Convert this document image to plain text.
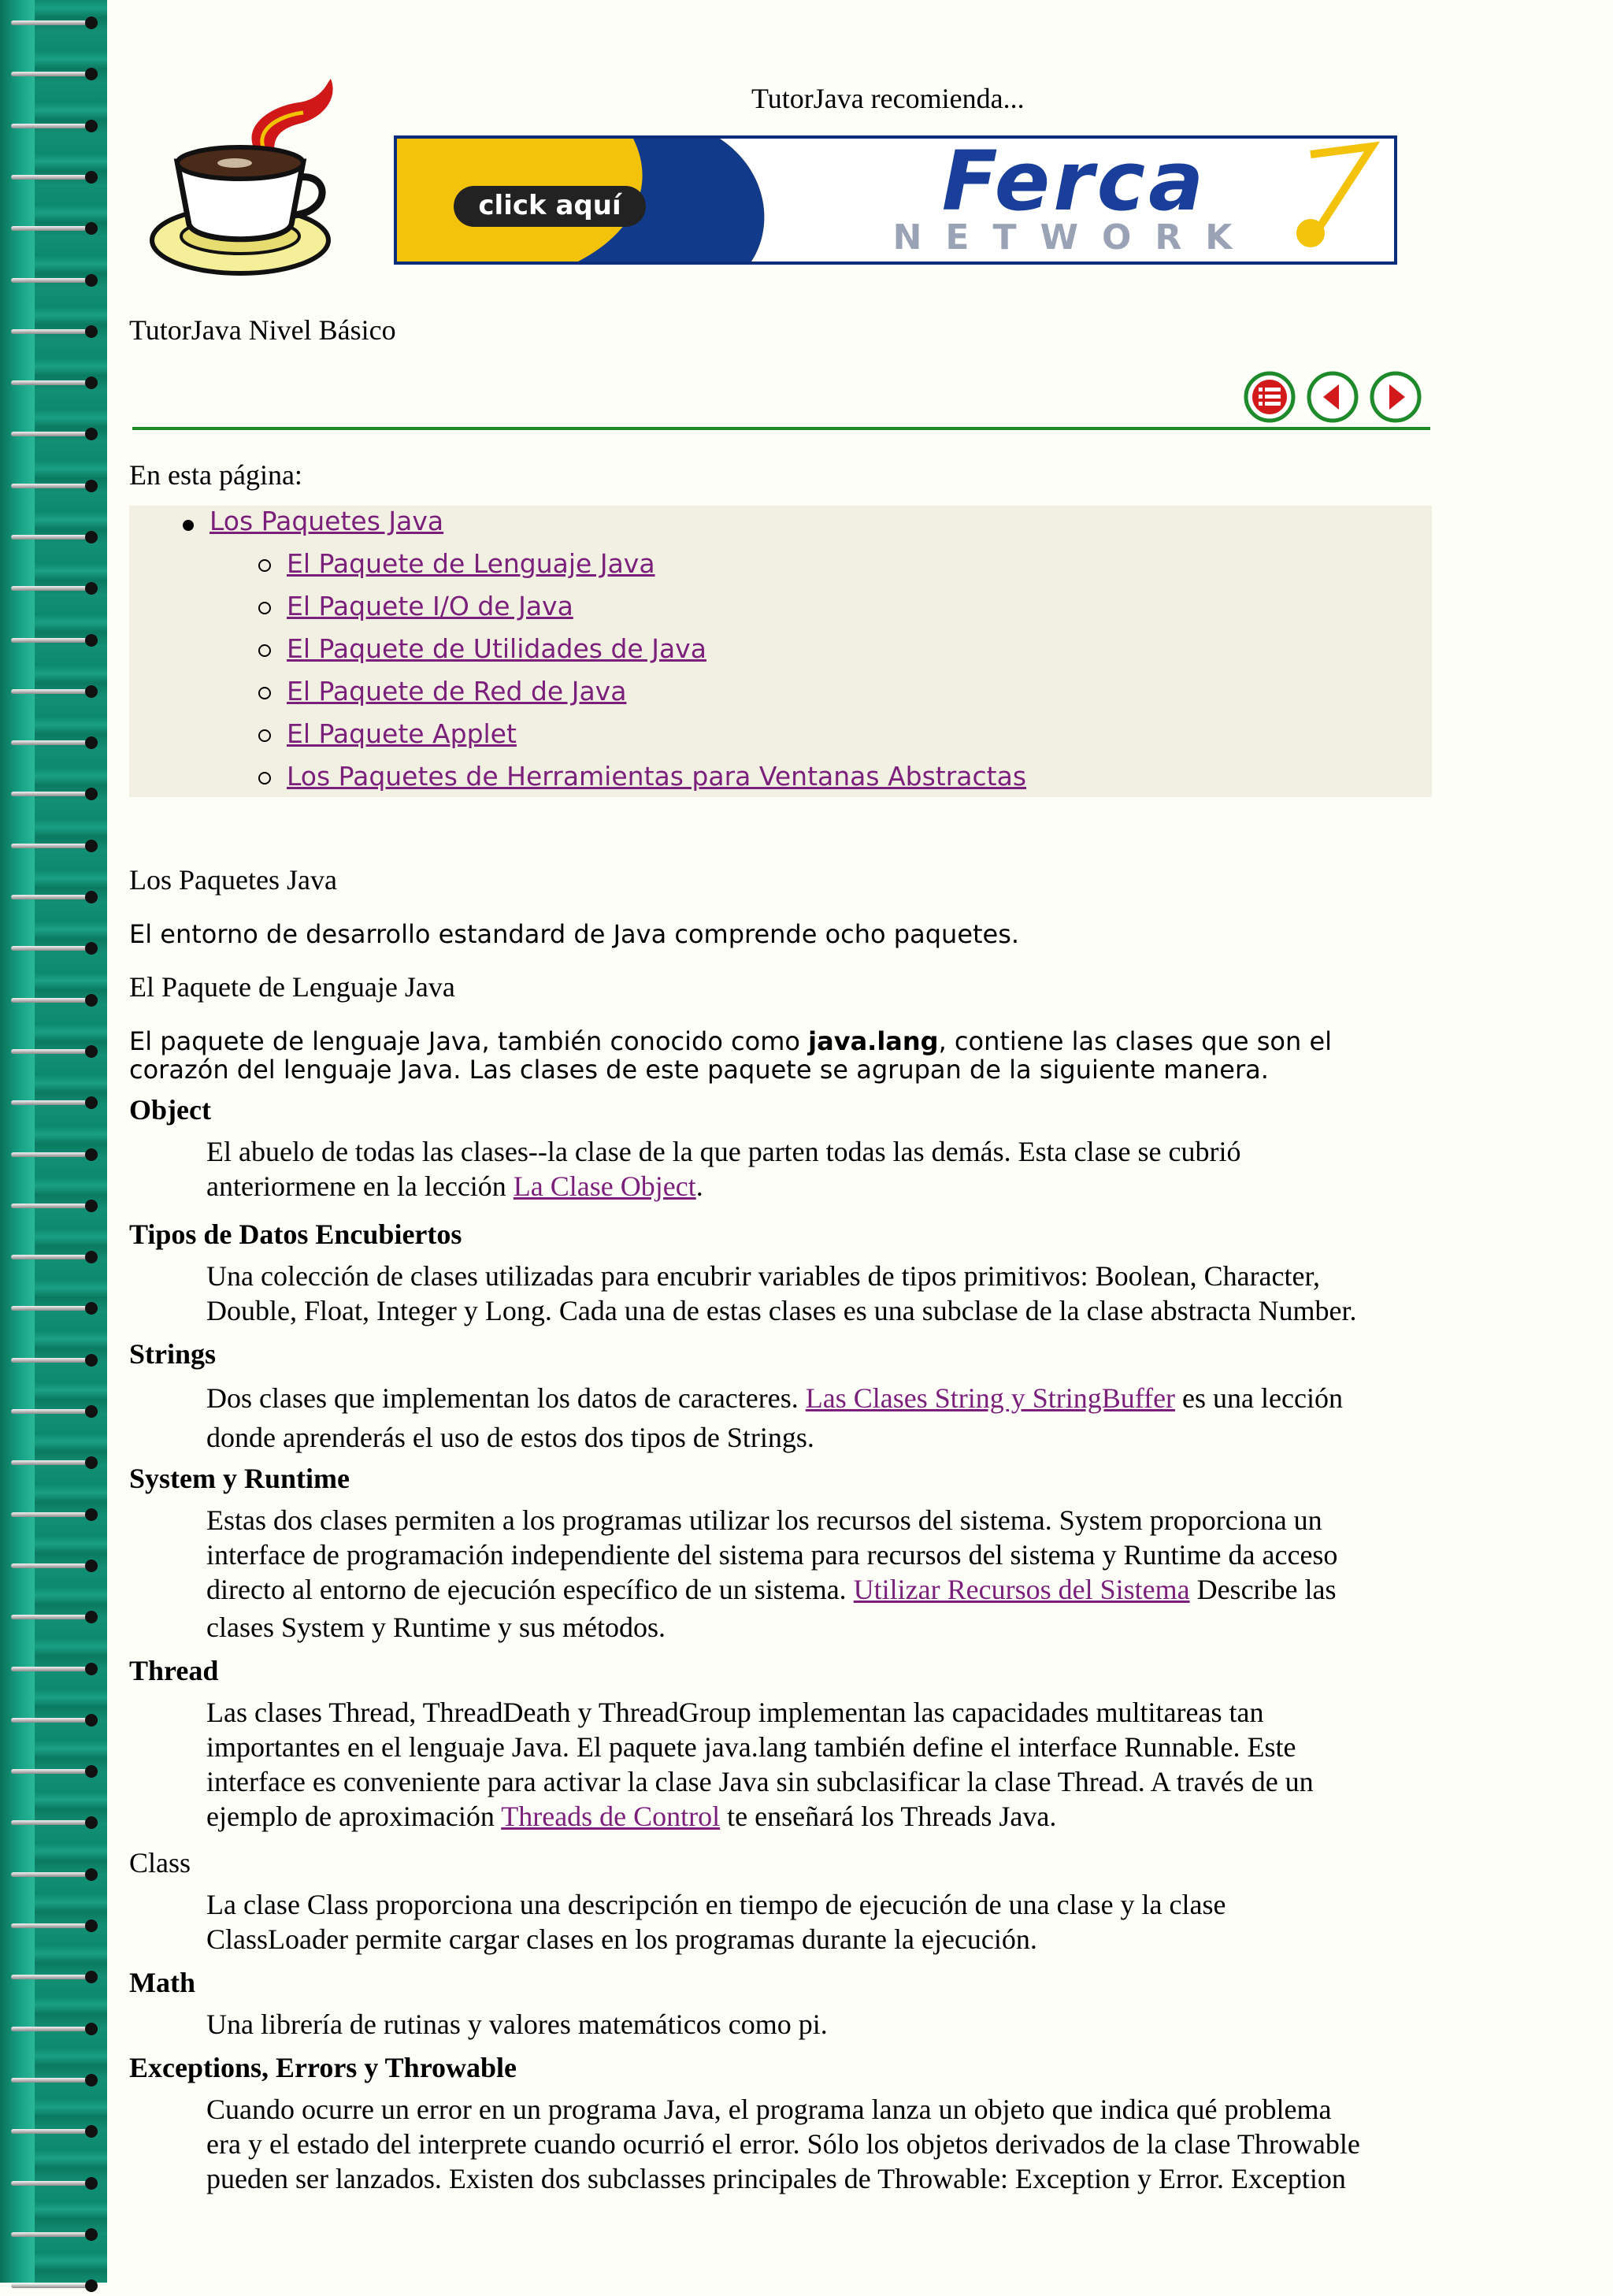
TutorJava recomienda...
click aquí	Ferca
NETWORK
TutorJava Nivel Básico
En esta página:
Los Paquetes Java
El Paquete de Lenguaje Java
El Paquete I/O de Java
El Paquete de Utilidades de Java
El Paquete de Red de Java
El Paquete Applet
Los Paquetes de Herramientas para Ventanas Abstractas
Los Paquetes Java
El entorno de desarrollo estandard de Java comprende ocho paquetes.
El Paquete de Lenguaje Java
El paquete de lenguaje Java, también conocido como java.lang, contiene las clases que son el
corazón del lenguaje Java. Las clases de este paquete se agrupan de la siguiente manera.
Object
El abuelo de todas las clases--la clase de la que parten todas las demás. Esta clase se cubrió
anteriormene en la lección La Clase Object.
Tipos de Datos Encubiertos
Una colección de clases utilizadas para encubrir variables de tipos primitivos: Boolean, Character,
Double, Float, Integer y Long. Cada una de estas clases es una subclase de la clase abstracta Number.
Strings
Dos clases que implementan los datos de caracteres. Las Clases String y StringBuffer es una lección
donde aprenderás el uso de estos dos tipos de Strings.
System y Runtime
Estas dos clases permiten a los programas utilizar los recursos del sistema. System proporciona un
interface de programación independiente del sistema para recursos del sistema y Runtime da acceso
directo al entorno de ejecución específico de un sistema. Utilizar Recursos del Sistema Describe las
clases System y Runtime y sus métodos.
Thread
Las clases Thread, ThreadDeath y ThreadGroup implementan las capacidades multitareas tan
importantes en el lenguaje Java. El paquete java.lang también define el interface Runnable. Este
interface es conveniente para activar la clase Java sin subclasificar la clase Thread. A través de un
ejemplo de aproximación Threads de Control te enseñará los Threads Java.
Class
La clase Class proporciona una descripción en tiempo de ejecución de una clase y la clase
ClassLoader permite cargar clases en los programas durante la ejecución.
Math
Una librería de rutinas y valores matemáticos como pi.
Exceptions, Errors y Throwable
Cuando ocurre un error en un programa Java, el programa lanza un objeto que indica qué problema
era y el estado del interprete cuando ocurrió el error. Sólo los objetos derivados de la clase Throwable
pueden ser lanzados. Existen dos subclasses principales de Throwable: Exception y Error. Exception
